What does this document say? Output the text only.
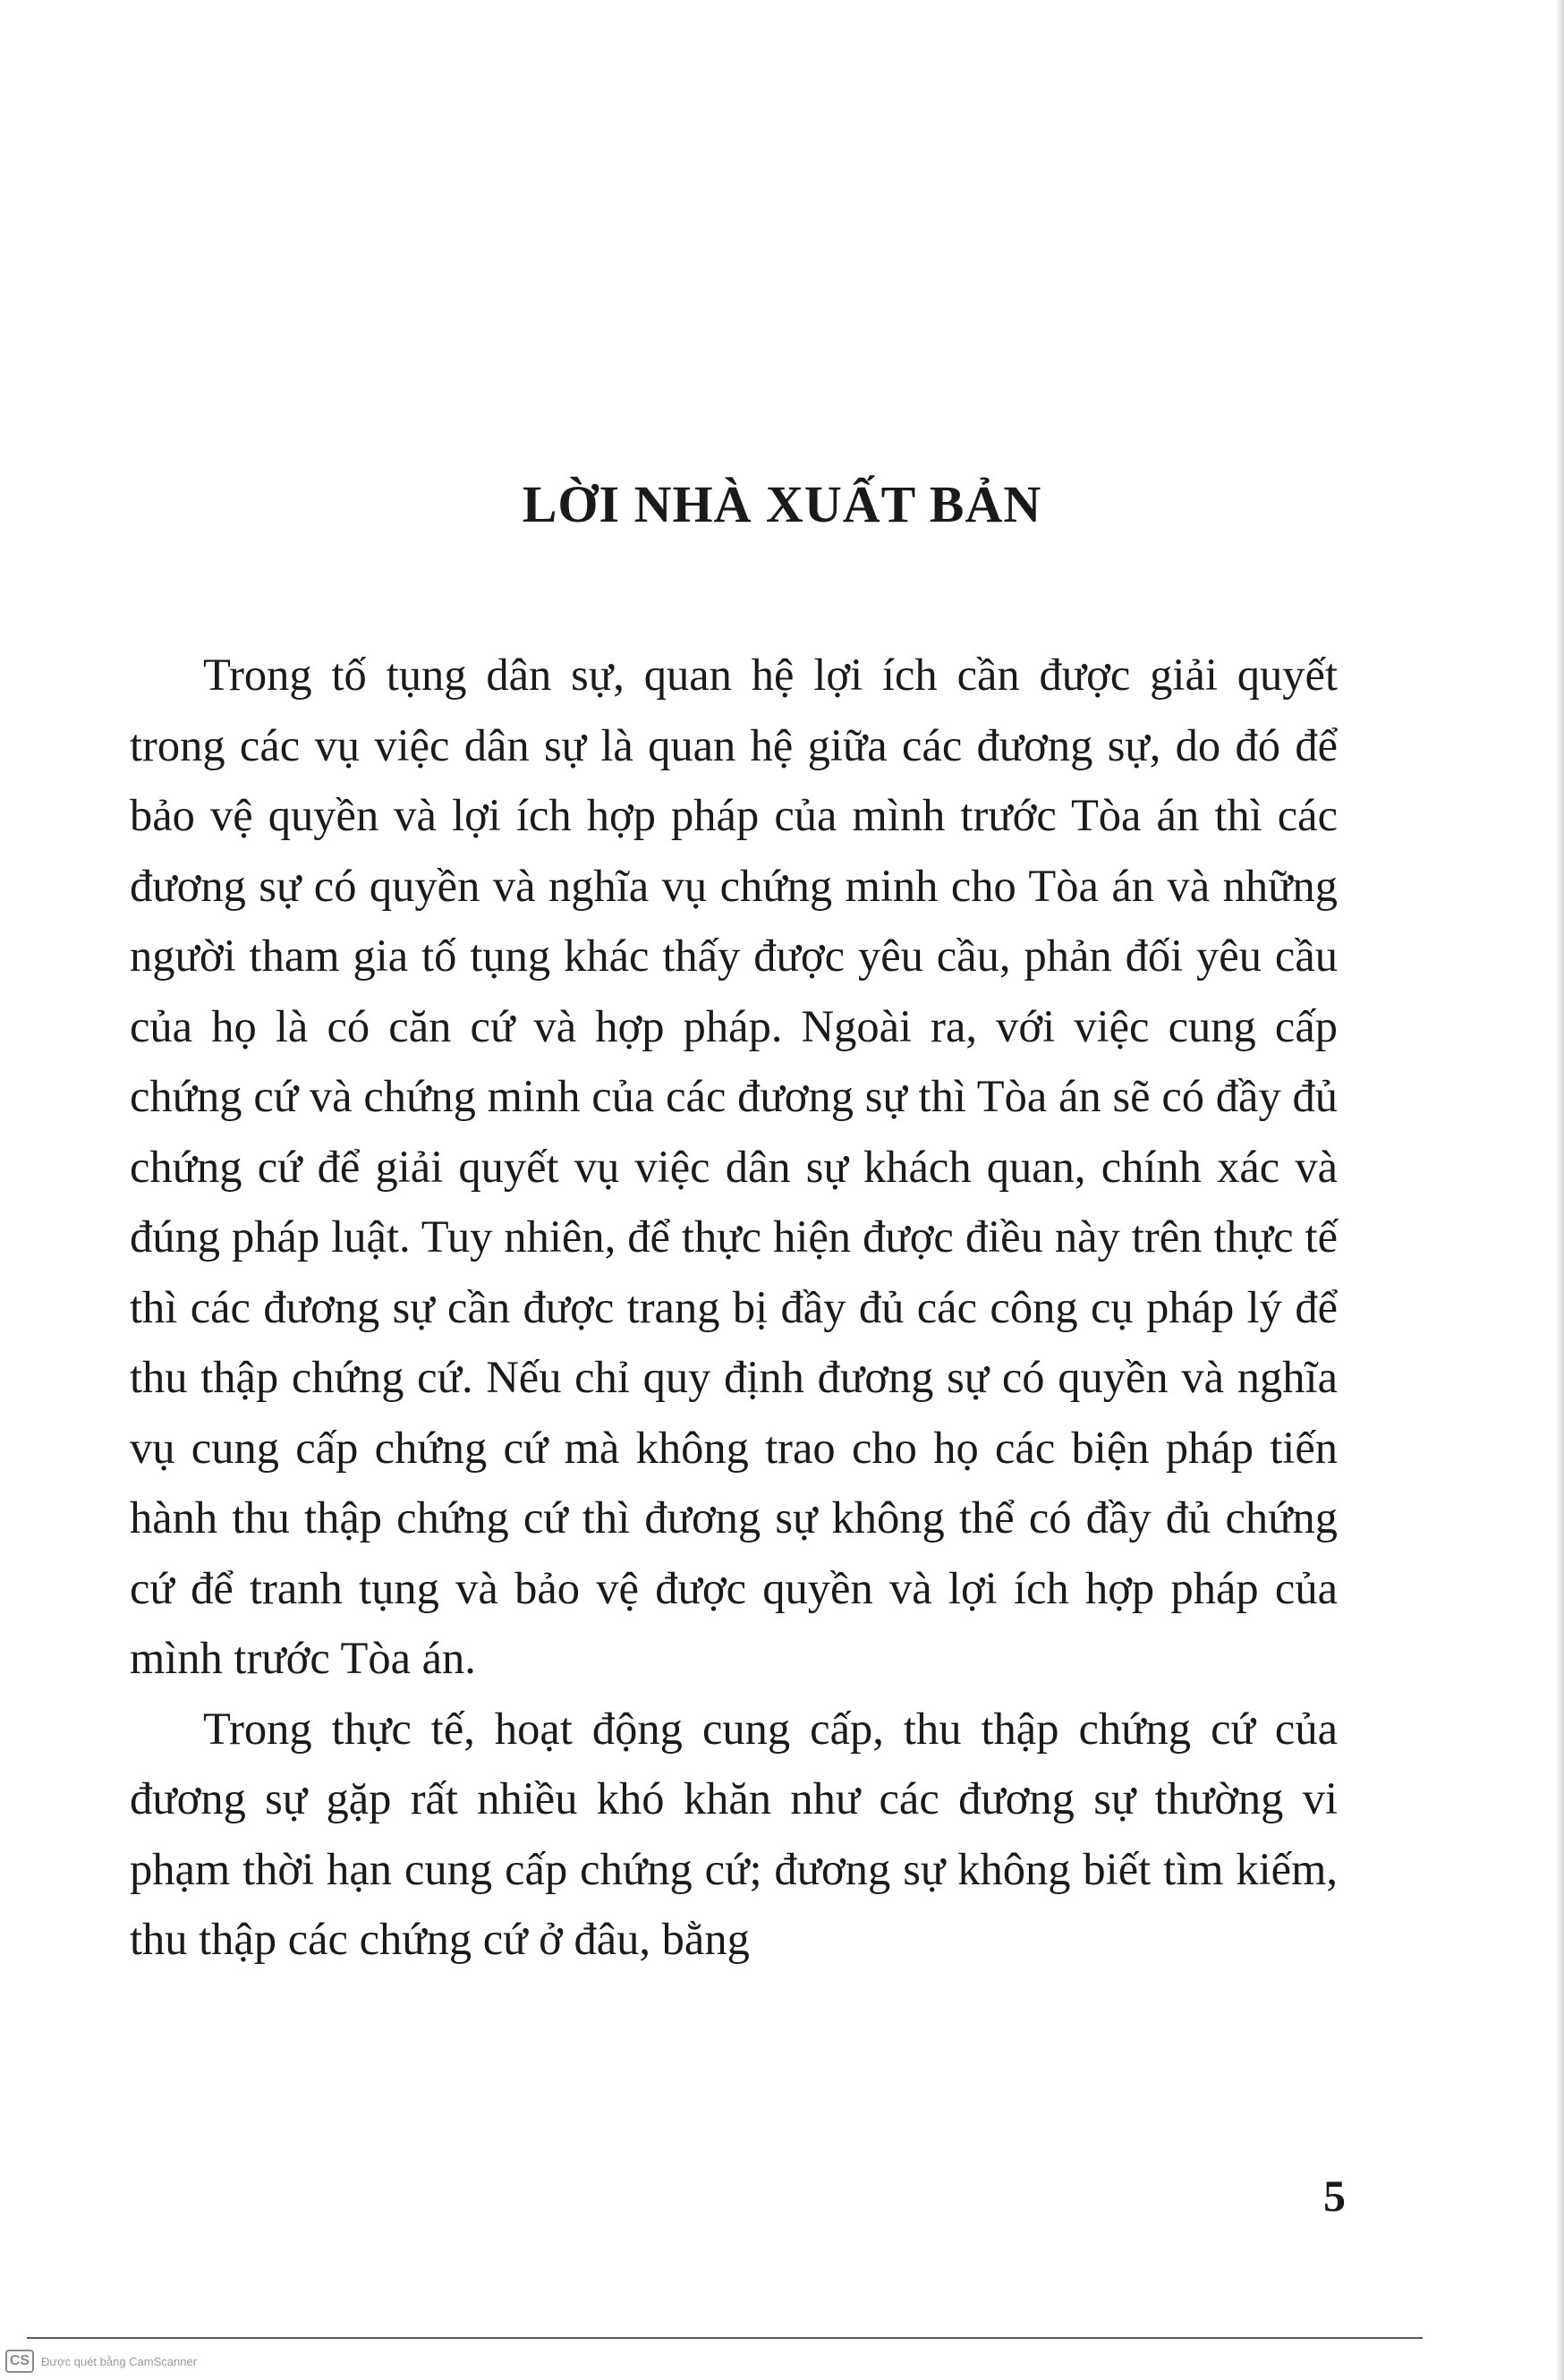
LỜI NHÀ XUẤT BẢN

Trong tố tụng dân sự, quan hệ lợi ích cần được giải quyết trong các vụ việc dân sự là quan hệ giữa các đương sự, do đó để bảo vệ quyền và lợi ích hợp pháp của mình trước Tòa án thì các đương sự có quyền và nghĩa vụ chứng minh cho Tòa án và những người tham gia tố tụng khác thấy được yêu cầu, phản đối yêu cầu của họ là có căn cứ và hợp pháp. Ngoài ra, với việc cung cấp chứng cứ và chứng minh của các đương sự thì Tòa án sẽ có đầy đủ chứng cứ để giải quyết vụ việc dân sự khách quan, chính xác và đúng pháp luật. Tuy nhiên, để thực hiện được điều này trên thực tế thì các đương sự cần được trang bị đầy đủ các công cụ pháp lý để thu thập chứng cứ. Nếu chỉ quy định đương sự có quyền và nghĩa vụ cung cấp chứng cứ mà không trao cho họ các biện pháp tiến hành thu thập chứng cứ thì đương sự không thể có đầy đủ chứng cứ để tranh tụng và bảo vệ được quyền và lợi ích hợp pháp của mình trước Tòa án.

Trong thực tế, hoạt động cung cấp, thu thập chứng cứ của đương sự gặp rất nhiều khó khăn như các đương sự thường vi phạm thời hạn cung cấp chứng cứ; đương sự không biết tìm kiếm, thu thập các chứng cứ ở đâu, bằng

5
CS Được quét bằng CamScanner
